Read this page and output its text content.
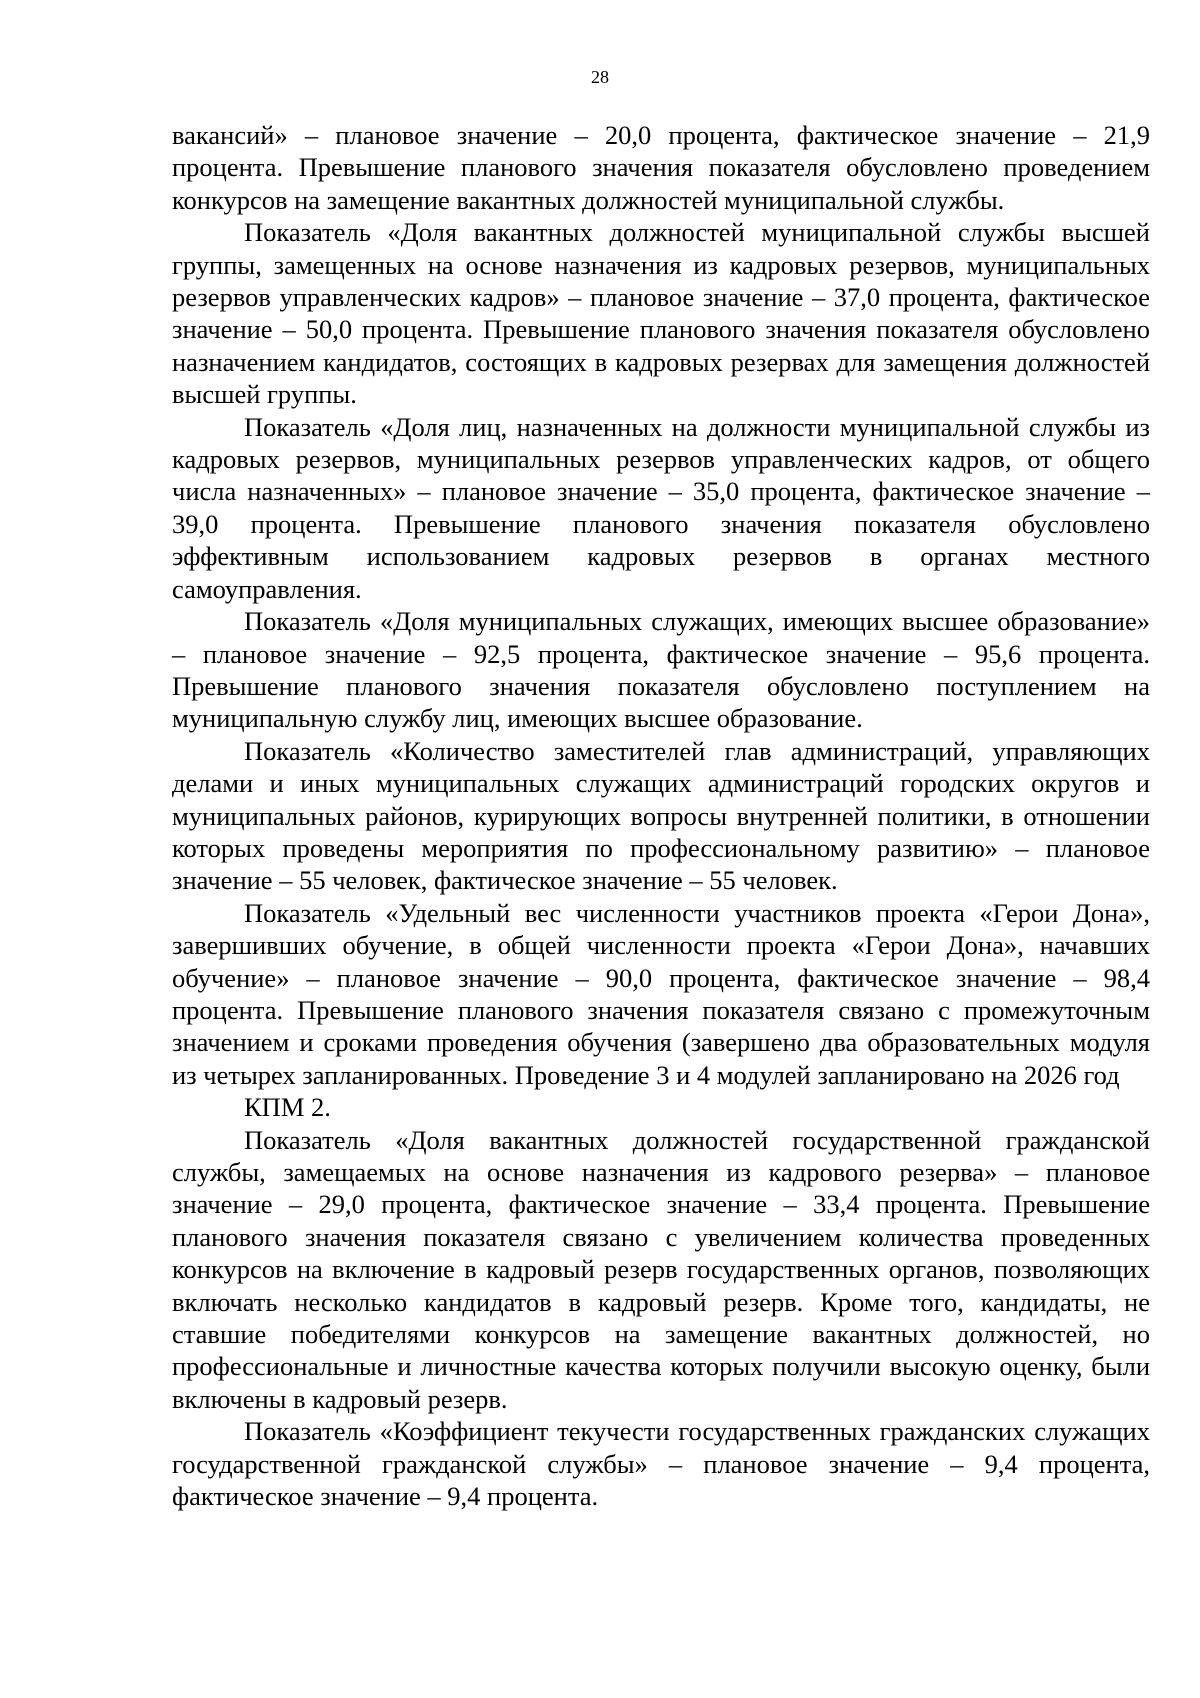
28

вакансий» – плановое значение – 20,0 процента, фактическое значение – 21,9 процента. Превышение планового значения показателя обусловлено проведением конкурсов на замещение вакантных должностей муниципальной службы.

Показатель «Доля вакантных должностей муниципальной службы высшей группы, замещенных на основе назначения из кадровых резервов, муниципальных резервов управленческих кадров» – плановое значение – 37,0 процента, фактическое значение – 50,0 процента. Превышение планового значения показателя обусловлено назначением кандидатов, состоящих в кадровых резервах для замещения должностей высшей группы.

Показатель «Доля лиц, назначенных на должности муниципальной службы из кадровых резервов, муниципальных резервов управленческих кадров, от общего числа назначенных» – плановое значение – 35,0 процента, фактическое значение – 39,0 процента. Превышение планового значения показателя обусловлено эффективным использованием кадровых резервов в органах местного самоуправления.

Показатель «Доля муниципальных служащих, имеющих высшее образование» – плановое значение – 92,5 процента, фактическое значение – 95,6 процента. Превышение планового значения показателя обусловлено поступлением на муниципальную службу лиц, имеющих высшее образование.

Показатель «Количество заместителей глав администраций, управляющих делами и иных муниципальных служащих администраций городских округов и муниципальных районов, курирующих вопросы внутренней политики, в отношении которых проведены мероприятия по профессиональному развитию» – плановое значение – 55 человек, фактическое значение – 55 человек.

Показатель «Удельный вес численности участников проекта «Герои Дона», завершивших обучение, в общей численности проекта «Герои Дона», начавших обучение» – плановое значение – 90,0 процента, фактическое значение – 98,4 процента. Превышение планового значения показателя связано с промежуточным значением и сроками проведения обучения (завершено два образовательных модуля из четырех запланированных. Проведение 3 и 4 модулей запланировано на 2026 год

КПМ 2.

Показатель «Доля вакантных должностей государственной гражданской службы, замещаемых на основе назначения из кадрового резерва» – плановое значение – 29,0 процента, фактическое значение – 33,4 процента. Превышение планового значения показателя связано с увеличением количества проведенных конкурсов на включение в кадровый резерв государственных органов, позволяющих включать несколько кандидатов в кадровый резерв. Кроме того, кандидаты, не ставшие победителями конкурсов на замещение вакантных должностей, но профессиональные и личностные качества которых получили высокую оценку, были включены в кадровый резерв.

Показатель «Коэффициент текучести государственных гражданских служащих государственной гражданской службы» – плановое значение – 9,4 процента, фактическое значение – 9,4 процента.
